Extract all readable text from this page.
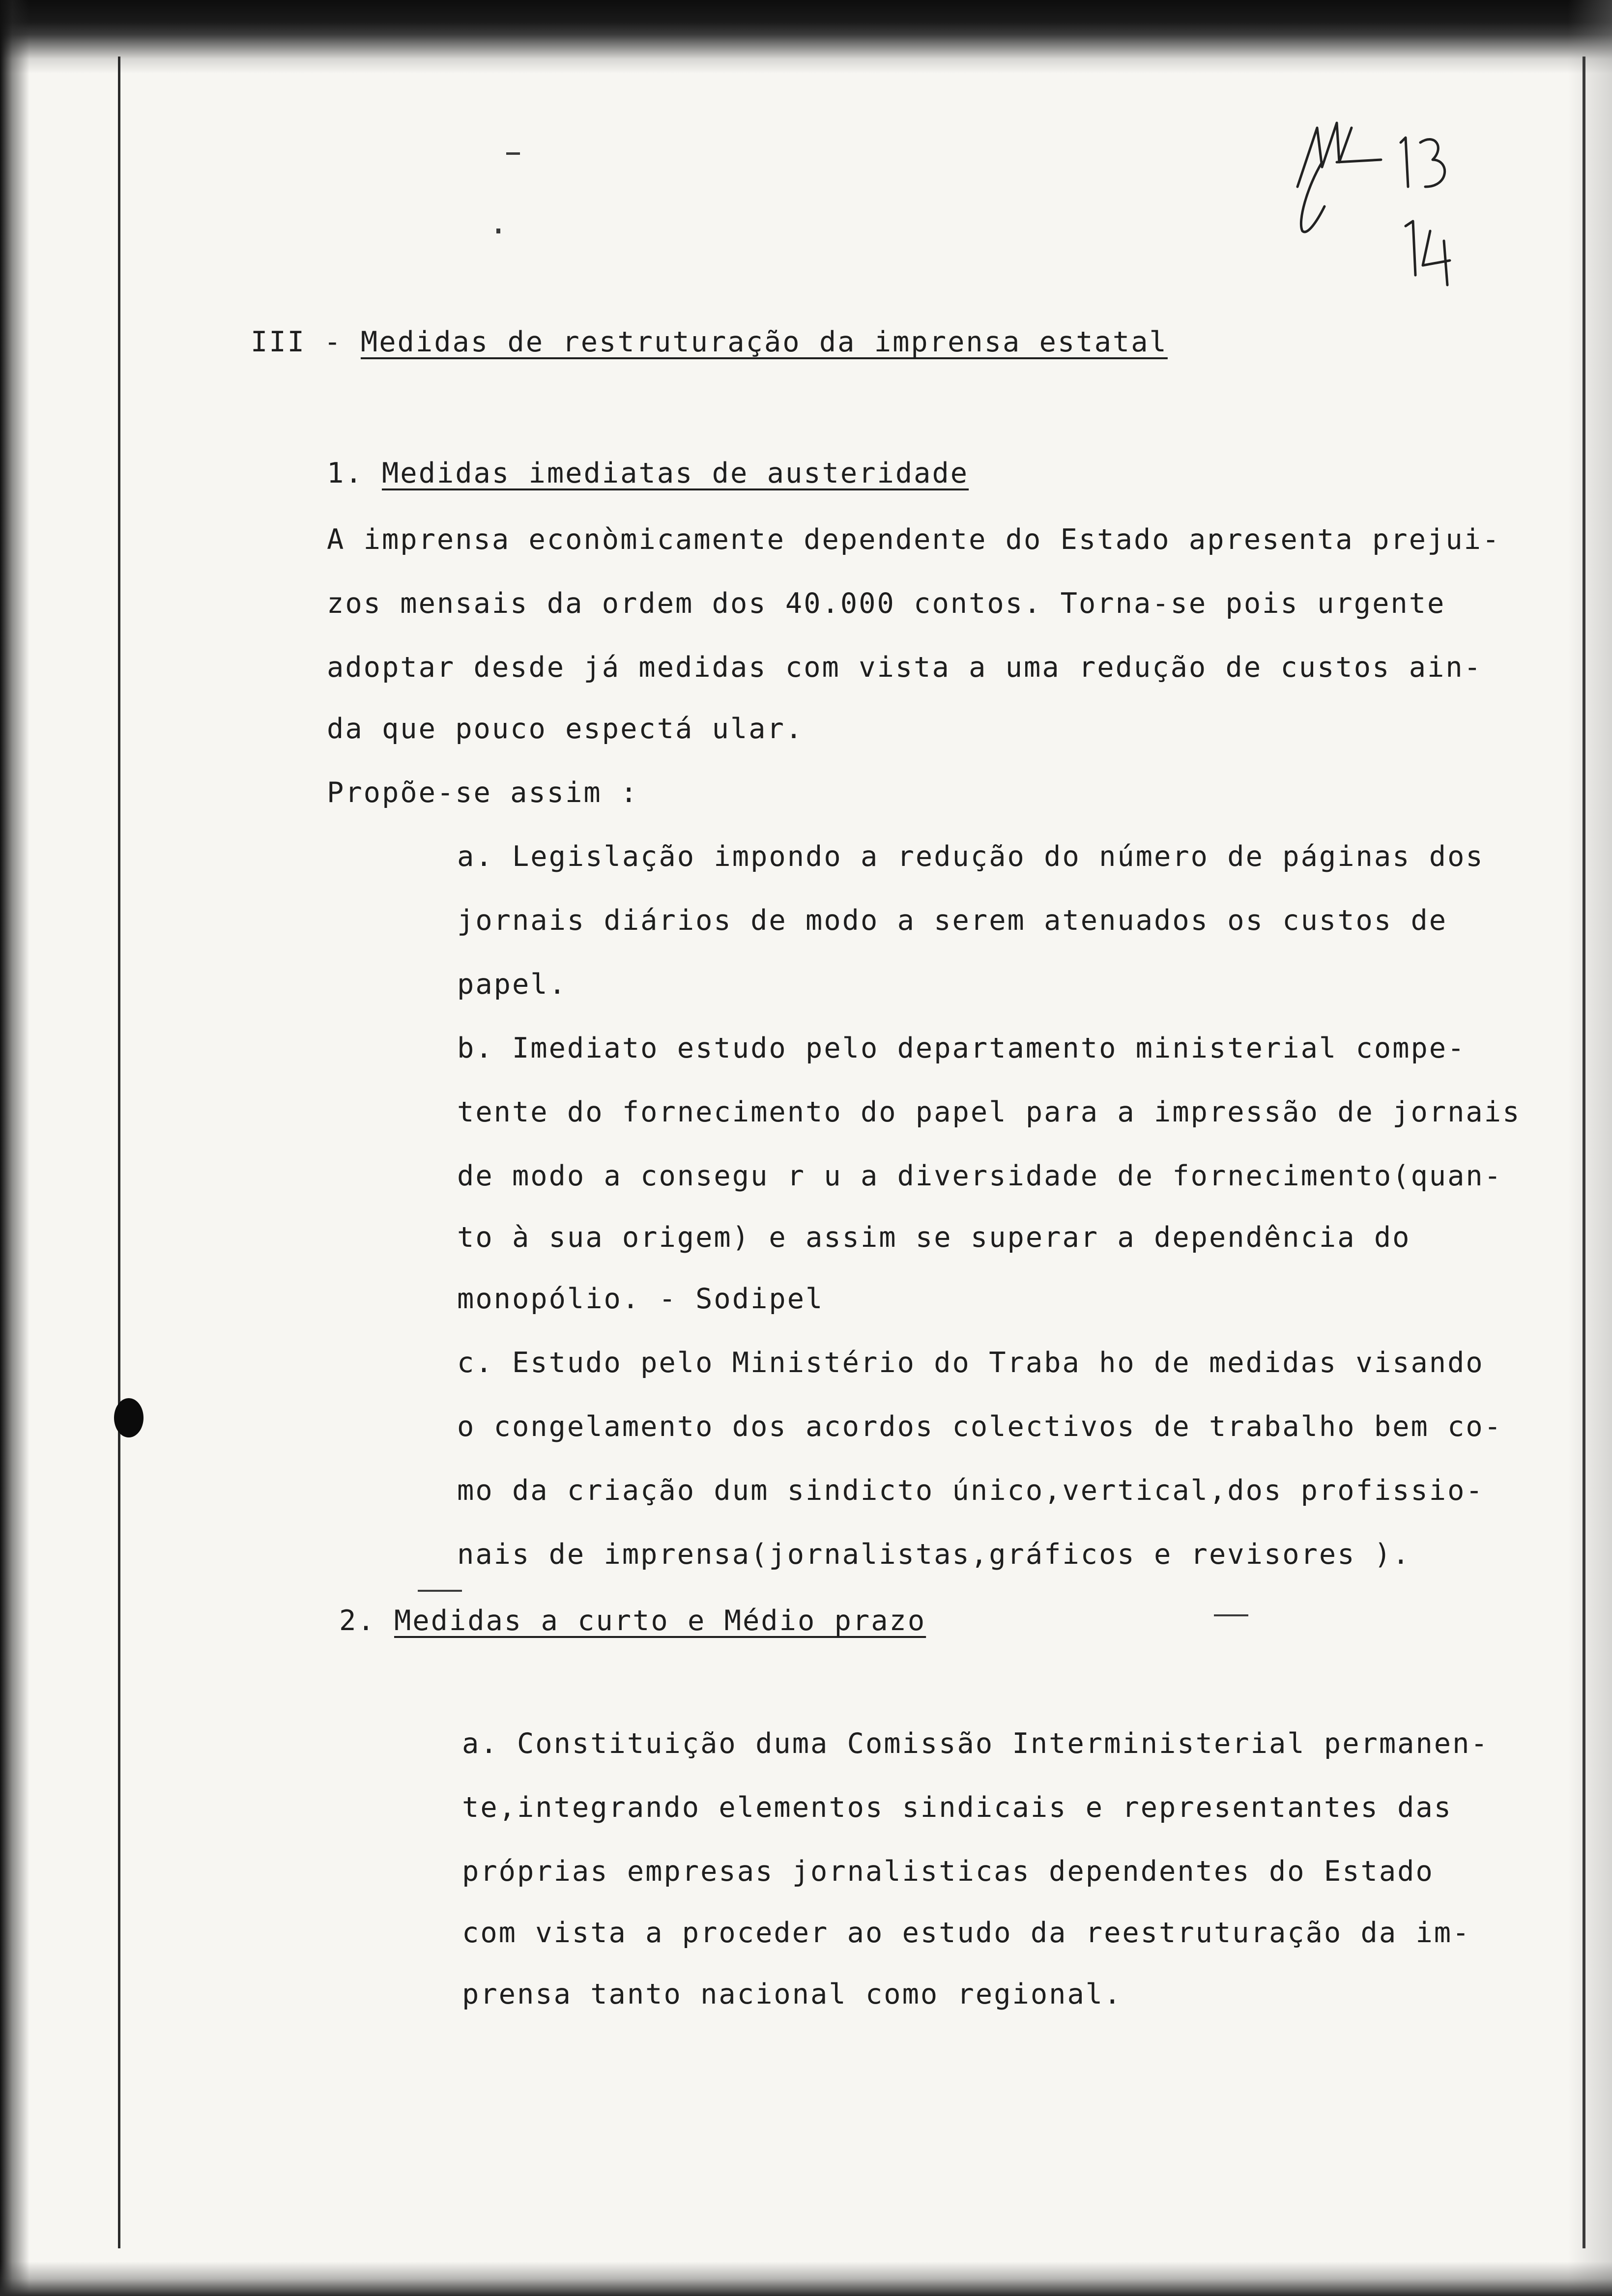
III - Medidas de restruturação da imprensa estatal
1. Medidas imediatas de austeridade
A imprensa econòmicamente dependente do Estado apresenta prejui-
zos mensais da ordem dos 40.000 contos. Torna-se pois urgente
adoptar desde já medidas com vista a uma redução de custos ain-
da que pouco espectá ular.
Propõe-se assim :
a. Legislação impondo a redução do número de páginas dos
jornais diários de modo a serem atenuados os custos de
papel.
b. Imediato estudo pelo departamento ministerial compe-
tente do fornecimento do papel para a impressão de jornais
de modo a consegu r u a diversidade de fornecimento(quan-
to à sua origem) e assim se superar a dependência do
monopólio. - Sodipel
c. Estudo pelo Ministério do Traba ho de medidas visando
o congelamento dos acordos colectivos de trabalho bem co-
mo da criação dum sindicto único,vertical,dos profissio-
nais de imprensa(jornalistas,gráficos e revisores ).
2. Medidas a curto e Médio prazo
a. Constituição duma Comissão Interministerial permanen-
te,integrando elementos sindicais e representantes das
próprias empresas jornalisticas dependentes do Estado
com vista a proceder ao estudo da reestruturação da im-
prensa tanto nacional como regional.
